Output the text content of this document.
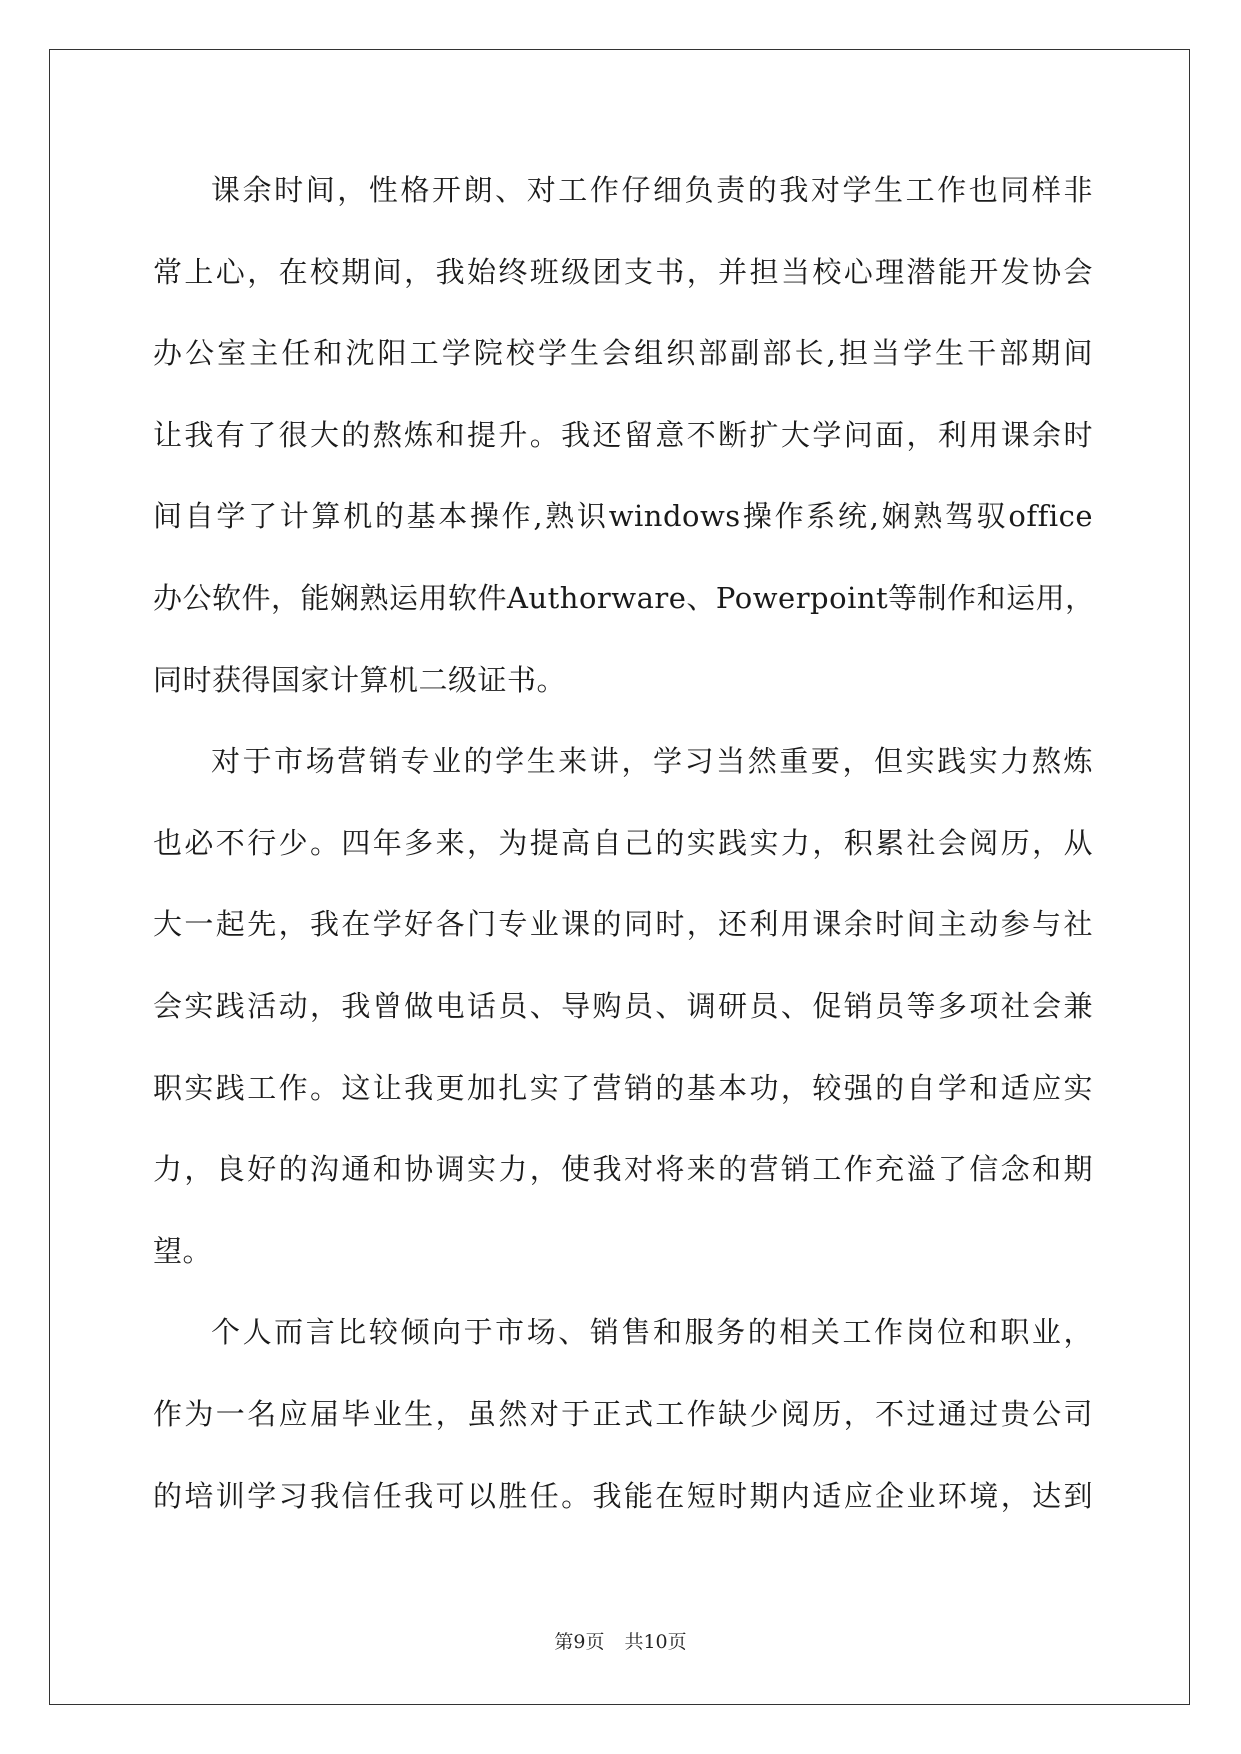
课余时间，性格开朗、对工作仔细负责的我对学生工作也同样非
常上心，在校期间，我始终班级团支书，并担当校心理潜能开发协会
办公室主任和沈阳工学院校学生会组织部副部长,担当学生干部期间
让我有了很大的熬炼和提升。我还留意不断扩大学问面，利用课余时
间自学了计算机的基本操作,熟识windows操作系统,娴熟驾驭office
办公软件，能娴熟运用软件Authorware、Powerpoint等制作和运用，
同时获得国家计算机二级证书。
对于市场营销专业的学生来讲，学习当然重要，但实践实力熬炼
也必不行少。四年多来，为提高自己的实践实力，积累社会阅历，从
大一起先，我在学好各门专业课的同时，还利用课余时间主动参与社
会实践活动，我曾做电话员、导购员、调研员、促销员等多项社会兼
职实践工作。这让我更加扎实了营销的基本功，较强的自学和适应实
力，良好的沟通和协调实力，使我对将来的营销工作充溢了信念和期
望。
个人而言比较倾向于市场、销售和服务的相关工作岗位和职业，
作为一名应届毕业生，虽然对于正式工作缺少阅历，不过通过贵公司
的培训学习我信任我可以胜任。我能在短时期内适应企业环境，达到
第9页 共10页
